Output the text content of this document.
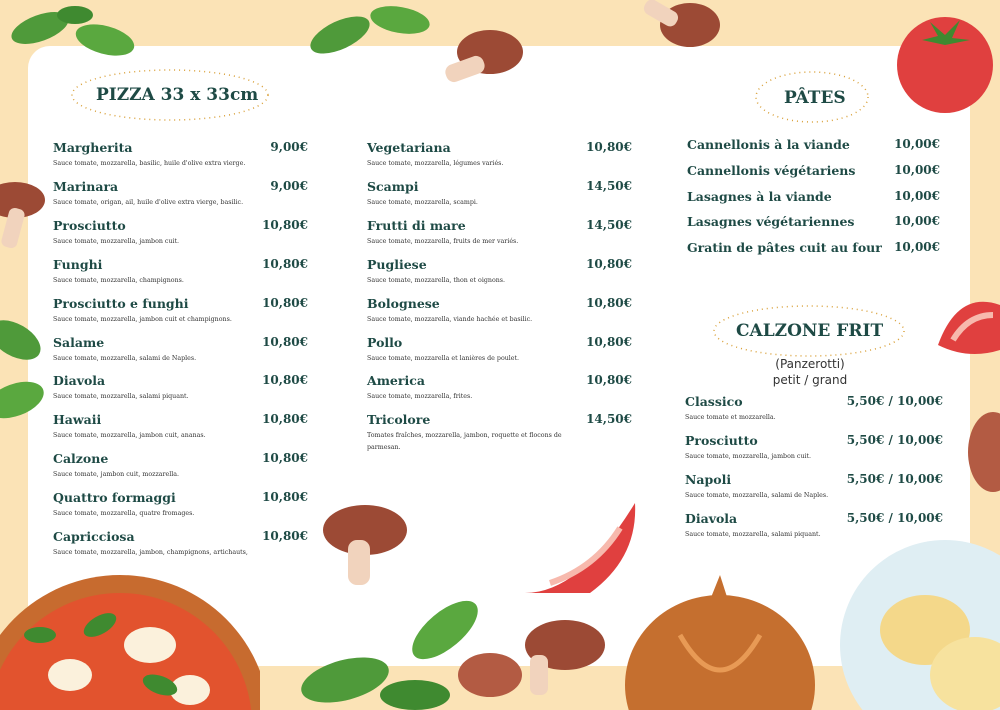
PIZZA 33 x 33cm	PÂTES
CALZONE FRIT
(Panzerotti)
petit / grand
Margherita	9,00€
Sauce tomate, mozzarella, basilic, huile d'olive extra vierge.
Marinara	9,00€
Sauce tomate, origan, ail, huile d'olive extra vierge, basilic.
Prosciutto	10,80€
Sauce tomate, mozzarella, jambon cuit.
Funghi	10,80€
Sauce tomate, mozzarella, champignons.
Prosciutto e funghi	10,80€
Sauce tomate, mozzarella, jambon cuit et champignons.
Salame	10,80€
Sauce tomate, mozzarella, salami de Naples.
Diavola	10,80€
Sauce tomate, mozzarella, salami piquant.
Hawaii	10,80€
Sauce tomate, mozzarella, jambon cuit, ananas.
Calzone	10,80€
Sauce tomate, jambon cuit, mozzarella.
Quattro formaggi	10,80€
Sauce tomate, mozzarella, quatre fromages.
Capricciosa	10,80€
Sauce tomate, mozzarella, jambon, champignons, artichauts,
Vegetariana	10,80€
Sauce tomate, mozzarella, légumes variés.
Scampi	14,50€
Sauce tomate, mozzarella, scampi.
Frutti di mare	14,50€
Sauce tomate, mozzarella, fruits de mer variés.
Pugliese	10,80€
Sauce tomate, mozzarella, thon et oignons.
Bolognese	10,80€
Sauce tomate, mozzarella, viande hachée et basilic.
Pollo	10,80€
Sauce tomate, mozzarella et lanières de poulet.
America	10,80€
Sauce tomate, mozzarella, frites.
Tricolore	14,50€
Tomates fraîches, mozzarella, jambon, roquette et flocons de
parmesan.
Cannellonis à la viande	10,00€
Cannellonis végétariens	10,00€
Lasagnes à la viande	10,00€
Lasagnes végétariennes	10,00€
Gratin de pâtes cuit au four 10,00€
Classico	5,50€ / 10,00€
Sauce tomate et mozzarella.
Prosciutto	5,50€ / 10,00€
Sauce tomate, mozzarella, jambon cuit.
Napoli	5,50€ / 10,00€
Sauce tomate, mozzarella, salami de Naples.
Diavola	5,50€ / 10,00€
Sauce tomate, mozzarella, salami piquant.
